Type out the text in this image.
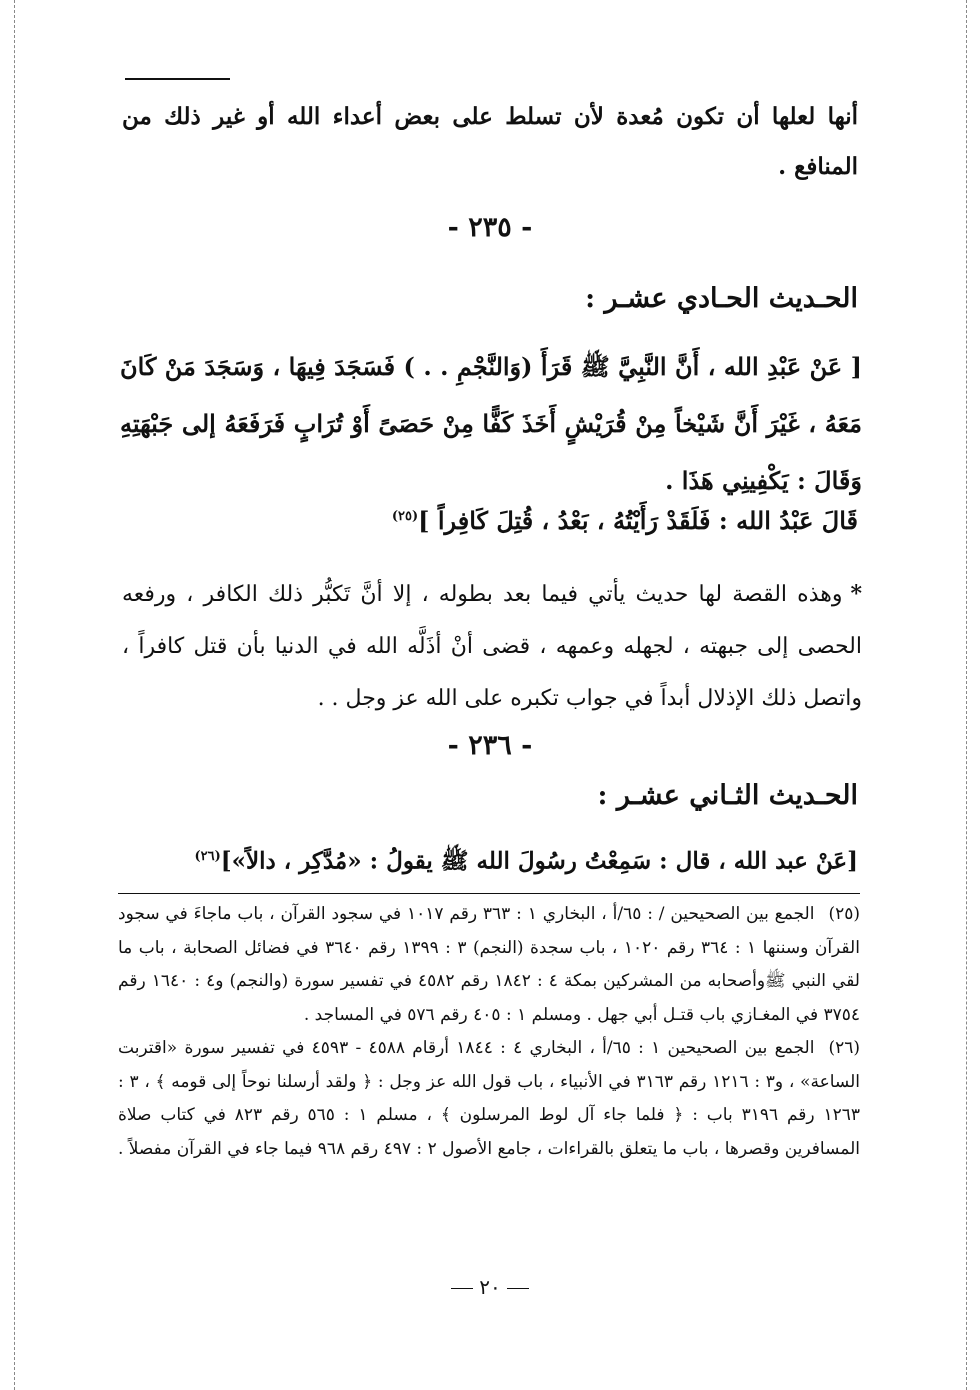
أنها لعلها أن تكون مُعدة لأن تسلط على بعض أعداء الله أو غير ذلك من المنافع .

- ٢٣٥ -
الحـديث الحـادي عشـر :

[ عَنْ عَبْدِ الله ، أَنَّ النَّبِيَّ ﷺ قَرَأَ (وَالنَّجْمِ . . ) فَسَجَدَ فِيهَا ، وَسَجَدَ مَنْ كَانَ مَعَهُ ، غَيْرَ أَنَّ شَيْخاً مِنْ قُرَيْشٍ أَخَذَ كَفًّا مِنْ حَصَىً أَوْ تُرَابٍ فَرَفَعَهُ إلى جَبْهَتِهِ وَقَالَ : يَكْفِينِي هَذَا .

قَالَ عَبْدُ الله : فَلَقَدْ رَأَيْتُهُ ، بَعْدُ ، قُتِلَ كَافِراً ]$^{(٢٥)}$

*وهذه القصة لها حديث يأتي فيما بعد بطوله ، إلا أنَّ تَكبُّر ذلك الكافر ، ورفعه الحصى إلى جبهته ، لجهله وعمهه ، قضى أنْ أذَلَّه الله في الدنيا بأن قتل كافراً ، واتصل ذلك الإذلال أبداً في جواب تكبره على الله عز وجل . .

- ٢٣٦ -
الحـديث الثـاني عشـر :

[عَنْ عبد الله ، قال : سَمِعْتُ رسُولَ الله ﷺ يقولُ : «مُدَّكِر ، دالاً»]$^{(٢٦)}$

(٢٥)الجمع بين الصحيحين / : ٦٥/أ ، البخاري ١ : ٣٦٣ رقم ١٠١٧ في سجود القرآن ، باب ماجاءَ في سجود القرآن وسننها ١ : ٣٦٤ رقم ١٠٢٠ ، باب سجدة (النجم) ٣ : ١٣٩٩ رقم ٣٦٤٠ في فضائل الصحابة ، باب ما لقي النبي ﷺوأصحابه من المشركين بمكة ٤ : ١٨٤٢ رقم ٤٥٨٢ في تفسير سورة (والنجم) و٤ : ١٦٤٠ رقم ٣٧٥٤ في المغـازي باب قتـل أبي جهل . ومسلم ١ : ٤٠٥ رقم ٥٧٦ في المساجد .

(٢٦)الجمع بين الصحيحين ١ : ٦٥/أ ، البخاري ٤ : ١٨٤٤ أرقام ٤٥٨٨ - ٤٥٩٣ في تفسير سورة «اقتربت الساعة» ، و٣ : ١٢١٦ رقم ٣١٦٣ في الأنبياء ، باب قول الله عز وجل : ﴿ ولقد أرسلنا نوحاً إلى قومه ﴾ ، ٣ : ١٢٦٣ رقم ٣١٩٦ باب : ﴿ فلما جاء آل لوط المرسلون ﴾ ، مسلم ١ : ٥٦٥ رقم ٨٢٣ في كتاب صلاة المسافرين وقصرها ، باب ما يتعلق بالقراءات ، جامع الأصول ٢ : ٤٩٧ رقم ٩٦٨ فيما جاء في القرآن مفصلاً .

٢٠
